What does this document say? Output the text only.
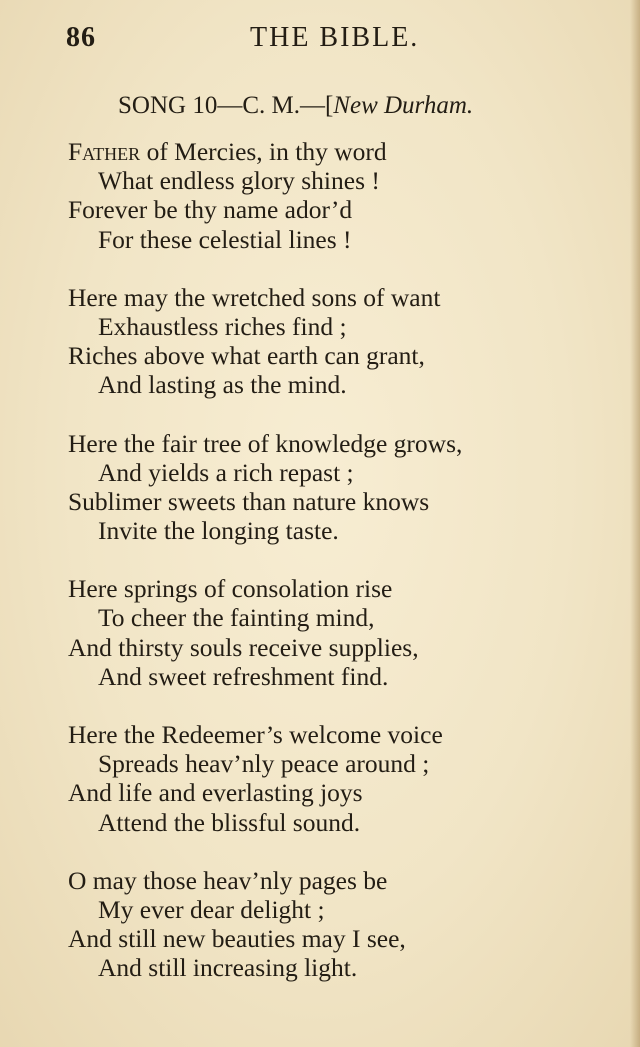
86	THE BIBLE.
SONG 10—C. M.—[New Durham.
Father of Mercies, in thy word
What endless glory shines !
Forever be thy name ador’d
For these celestial lines !
Here may the wretched sons of want
Exhaustless riches find ;
Riches above what earth can grant,
And lasting as the mind.
Here the fair tree of knowledge grows,
And yields a rich repast ;
Sublimer sweets than nature knows
Invite the longing taste.
Here springs of consolation rise
To cheer the fainting mind,
And thirsty souls receive supplies,
And sweet refreshment find.
Here the Redeemer’s welcome voice
Spreads heav’nly peace around ;
And life and everlasting joys
Attend the blissful sound.
O may those heav’nly pages be
My ever dear delight ;
And still new beauties may I see,
And still increasing light.
